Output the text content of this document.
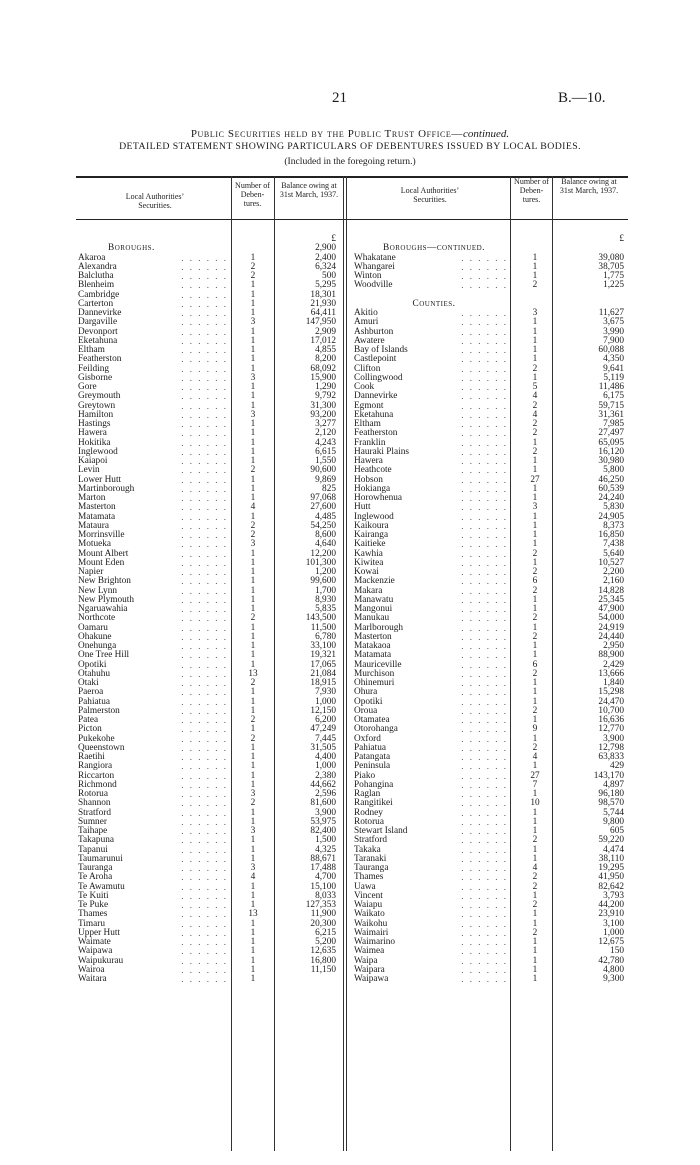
21	B.—10.
Public Securities held by the Public Trust Office—continued.
DETAILED STATEMENT SHOWING PARTICULARS OF DEBENTURES ISSUED BY LOCAL BODIES.
(Included in the foregoing return.)
Local Authorities’ Securities.
Number of Deben-tures.
Balance owing at 31st March, 1937.	Local Authorities’ Securities.
Number of Deben-tures.
Balance owing at 31st March, 1937.
Boroughs.
Akaroa
Alexandra
Balclutha
Blenheim
Cambridge
Carterton
Dannevirke
Dargaville
Devonport
Eketahuna
Eltham
Featherston
Feilding
Gisborne
Gore
Greymouth
Greytown
Hamilton
Hastings
Hawera
Hokitika
Inglewood
Kaiapoi
Levin
Lower Hutt
Martinborough
Marton
Masterton
Matamata
Mataura
Morrinsville
Motueka
Mount Albert
Mount Eden
Napier
New Brighton
New Lynn
New Plymouth
Ngaruawahia
Northcote
Oamaru
Ohakune
Onehunga
One Tree Hill
Opotiki
Otahuhu
Otaki
Paeroa
Pahiatua
Palmerston
Patea
Picton
Pukekohe
Queenstown
Raetihi
Rangiora
Riccarton
Richmond
Rotorua
Shannon
Stratford
Sumner
Taihape
Takapuna
Tapanui
Taumarunui
Tauranga
Te Aroha
Te Awamutu
Te Kuiti
Te Puke
Thames
Timaru
Upper Hutt
Waimate
Waipawa
Waipukurau
Wairoa
Waitara

. . . . . .
. . . . . .
. . . . . .
. . . . . .
. . . . . .
. . . . . .
. . . . . .
. . . . . .
. . . . . .
. . . . . .
. . . . . .
. . . . . .
. . . . . .
. . . . . .
. . . . . .
. . . . . .
. . . . . .
. . . . . .
. . . . . .
. . . . . .
. . . . . .
. . . . . .
. . . . . .
. . . . . .
. . . . . .
. . . . . .
. . . . . .
. . . . . .
. . . . . .
. . . . . .
. . . . . .
. . . . . .
. . . . . .
. . . . . .
. . . . . .
. . . . . .
. . . . . .
. . . . . .
. . . . . .
. . . . . .
. . . . . .
. . . . . .
. . . . . .
. . . . . .
. . . . . .
. . . . . .
. . . . . .
. . . . . .
. . . . . .
. . . . . .
. . . . . .
. . . . . .
. . . . . .
. . . . . .
. . . . . .
. . . . . .
. . . . . .
. . . . . .
. . . . . .
. . . . . .
. . . . . .
. . . . . .
. . . . . .
. . . . . .
. . . . . .
. . . . . .
. . . . . .
. . . . . .
. . . . . .
. . . . . .
. . . . . .
. . . . . .
. . . . . .
. . . . . .
. . . . . .
. . . . . .
. . . . . .
. . . . . .
. . . . . .
1
2
2
1
1
1
1
3
1
1
1
1
1
3
1
1
1
3
1
1
1
1
1
2
1
1
1
4
1
2
2
3
1
1
1
1
1
1
1
2
1
1
1
1
1
13
2
1
1
1
2
1
2
1
1
1
1
1
3
2
1
1
3
1
1
1
3
4
1
1
1
13
1
1
1
1
1
1
1
£
2,900
2,400
6,324
500
5,295
18,301
21,930
64,411
147,950
2,909
17,012
4,855
8,200
68,092
15,900
1,290
9,792
31,300
93,200
3,277
2,120
4,243
6,615
1,550
90,600
9,869
825
97,068
27,600
4,485
54,250
8,600
4,640
12,200
101,300
1,200
99,600
1,700
8,930
5,835
143,500
11,500
6,780
33,100
19,321
17,065
21,084
18,915
7,930
1,000
12,150
6,200
47,249
7,445
31,505
4,400
1,000
2,380
44,662
2,596
81,600
3,900
53,975
82,400
1,500
4,325
88,671
17,488
4,700
15,100
8,033
127,353
11,900
20,300
6,215
5,200
12,635
16,800
11,150
Boroughs—continued.
Whakatane
Whangarei
Winton
Woodville
Counties.
Akitio
Amuri
Ashburton
Awatere
Bay of Islands
Castlepoint
Clifton
Collingwood
Cook
Dannevirke
Egmont
Eketahuna
Eltham
Featherston
Franklin
Hauraki Plains
Hawera
Heathcote
Hobson
Hokianga
Horowhenua
Hutt
Inglewood
Kaikoura
Kairanga
Kaitieke
Kawhia
Kiwitea
Kowai
Mackenzie
Makara
Manawatu
Mangonui
Manukau
Marlborough
Masterton
Matakaoa
Matamata
Mauriceville
Murchison
Ohinemuri
Ohura
Opotiki
Oroua
Otamatea
Otorohanga
Oxford
Pahiatua
Patangata
Peninsula
Piako
Pohangina
Raglan
Rangitikei
Rodney
Rotorua
Stewart Island
Stratford
Takaka
Taranaki
Tauranga
Thames
Uawa
Vincent
Waiapu
Waikato
Waikohu
Waimairi
Waimarino
Waimea
Waipa
Waipara
Waipawa

. . . . . .
. . . . . .
. . . . . .
. . . . . .

. . . . . .
. . . . . .
. . . . . .
. . . . . .
. . . . . .
. . . . . .
. . . . . .
. . . . . .
. . . . . .
. . . . . .
. . . . . .
. . . . . .
. . . . . .
. . . . . .
. . . . . .
. . . . . .
. . . . . .
. . . . . .
. . . . . .
. . . . . .
. . . . . .
. . . . . .
. . . . . .
. . . . . .
. . . . . .
. . . . . .
. . . . . .
. . . . . .
. . . . . .
. . . . . .
. . . . . .
. . . . . .
. . . . . .
. . . . . .
. . . . . .
. . . . . .
. . . . . .
. . . . . .
. . . . . .
. . . . . .
. . . . . .
. . . . . .
. . . . . .
. . . . . .
. . . . . .
. . . . . .
. . . . . .
. . . . . .
. . . . . .
. . . . . .
. . . . . .
. . . . . .
. . . . . .
. . . . . .
. . . . . .
. . . . . .
. . . . . .
. . . . . .
. . . . . .
. . . . . .
. . . . . .
. . . . . .
. . . . . .
. . . . . .
. . . . . .
. . . . . .
. . . . . .
. . . . . .
. . . . . .
. . . . . .
. . . . . .
. . . . . .
. . . . . .
1
1
1
2
3
1
1
1
1
1
2
1
5
4
2
4
2
2
1
2
1
1
27
1
1
3
1
1
1
1
2
1
2
6
2
1
1
2
1
2
1
1
6
2
1
1
1
2
1
9
1
2
4
1
27
7
1
10
1
1
1
2
1
1
4
2
2
1
2
1
1
2
1
1
1
1
1
£
39,080
38,705
1,775
1,225
11,627
3,675
3,990
7,900
60,088
4,350
9,641
5,119
11,486
6,175
59,715
31,361
7,985
27,497
65,095
16,120
30,980
5,800
46,250
60,539
24,240
5,830
24,905
8,373
16,850
7,438
5,640
10,527
2,200
2,160
14,828
25,345
47,900
54,000
24,919
24,440
2,950
88,900
2,429
13,666
1,840
15,298
24,470
10,700
16,636
12,770
3,900
12,798
63,833
429
143,170
4,897
96,180
98,570
5,744
9,800
605
59,220
4,474
38,110
19,295
41,950
82,642
3,793
44,200
23,910
3,100
1,000
12,675
150
42,780
4,800
9,300
